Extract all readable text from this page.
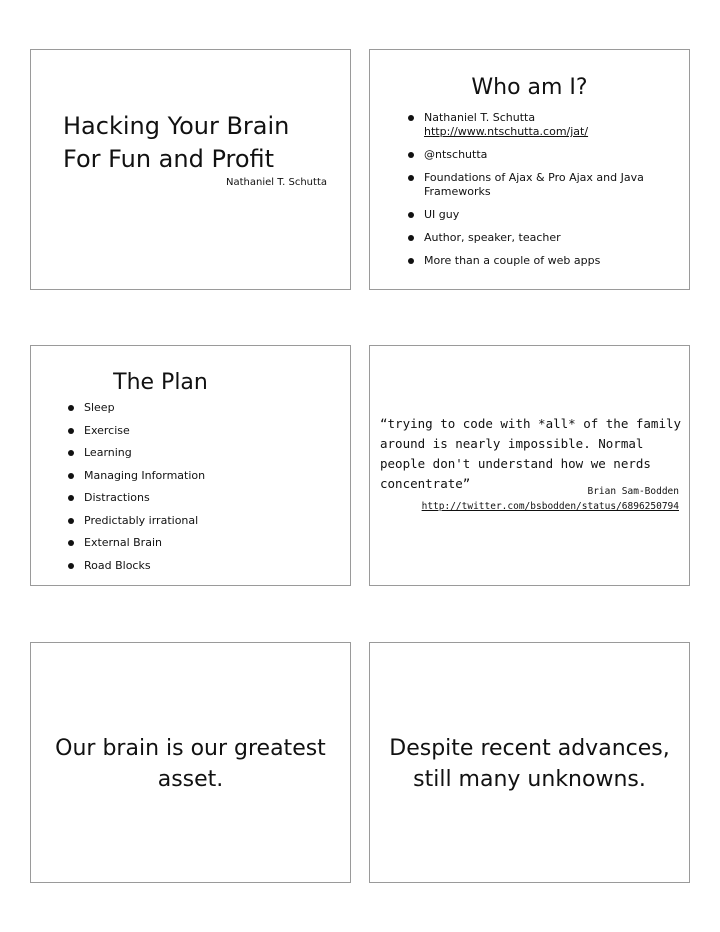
Hacking Your Brain For Fun and Profit
Nathaniel T. Schutta
Who am I?
Nathaniel T. Schutta
http://www.ntschutta.com/jat/
@ntschutta
Foundations of Ajax & Pro Ajax and Java Frameworks
UI guy
Author, speaker, teacher
More than a couple of web apps
The Plan
Sleep
Exercise
Learning
Managing Information
Distractions
Predictably irrational
External Brain
Road Blocks

“trying to code with *all* of the family around is nearly impossible. Normal people don't understand how we nerds concentrate”

Brian Sam-Bodden
http://twitter.com/bsbodden/status/6896250794

Our brain is our greatest asset.

Despite recent advances, still many unknowns.
